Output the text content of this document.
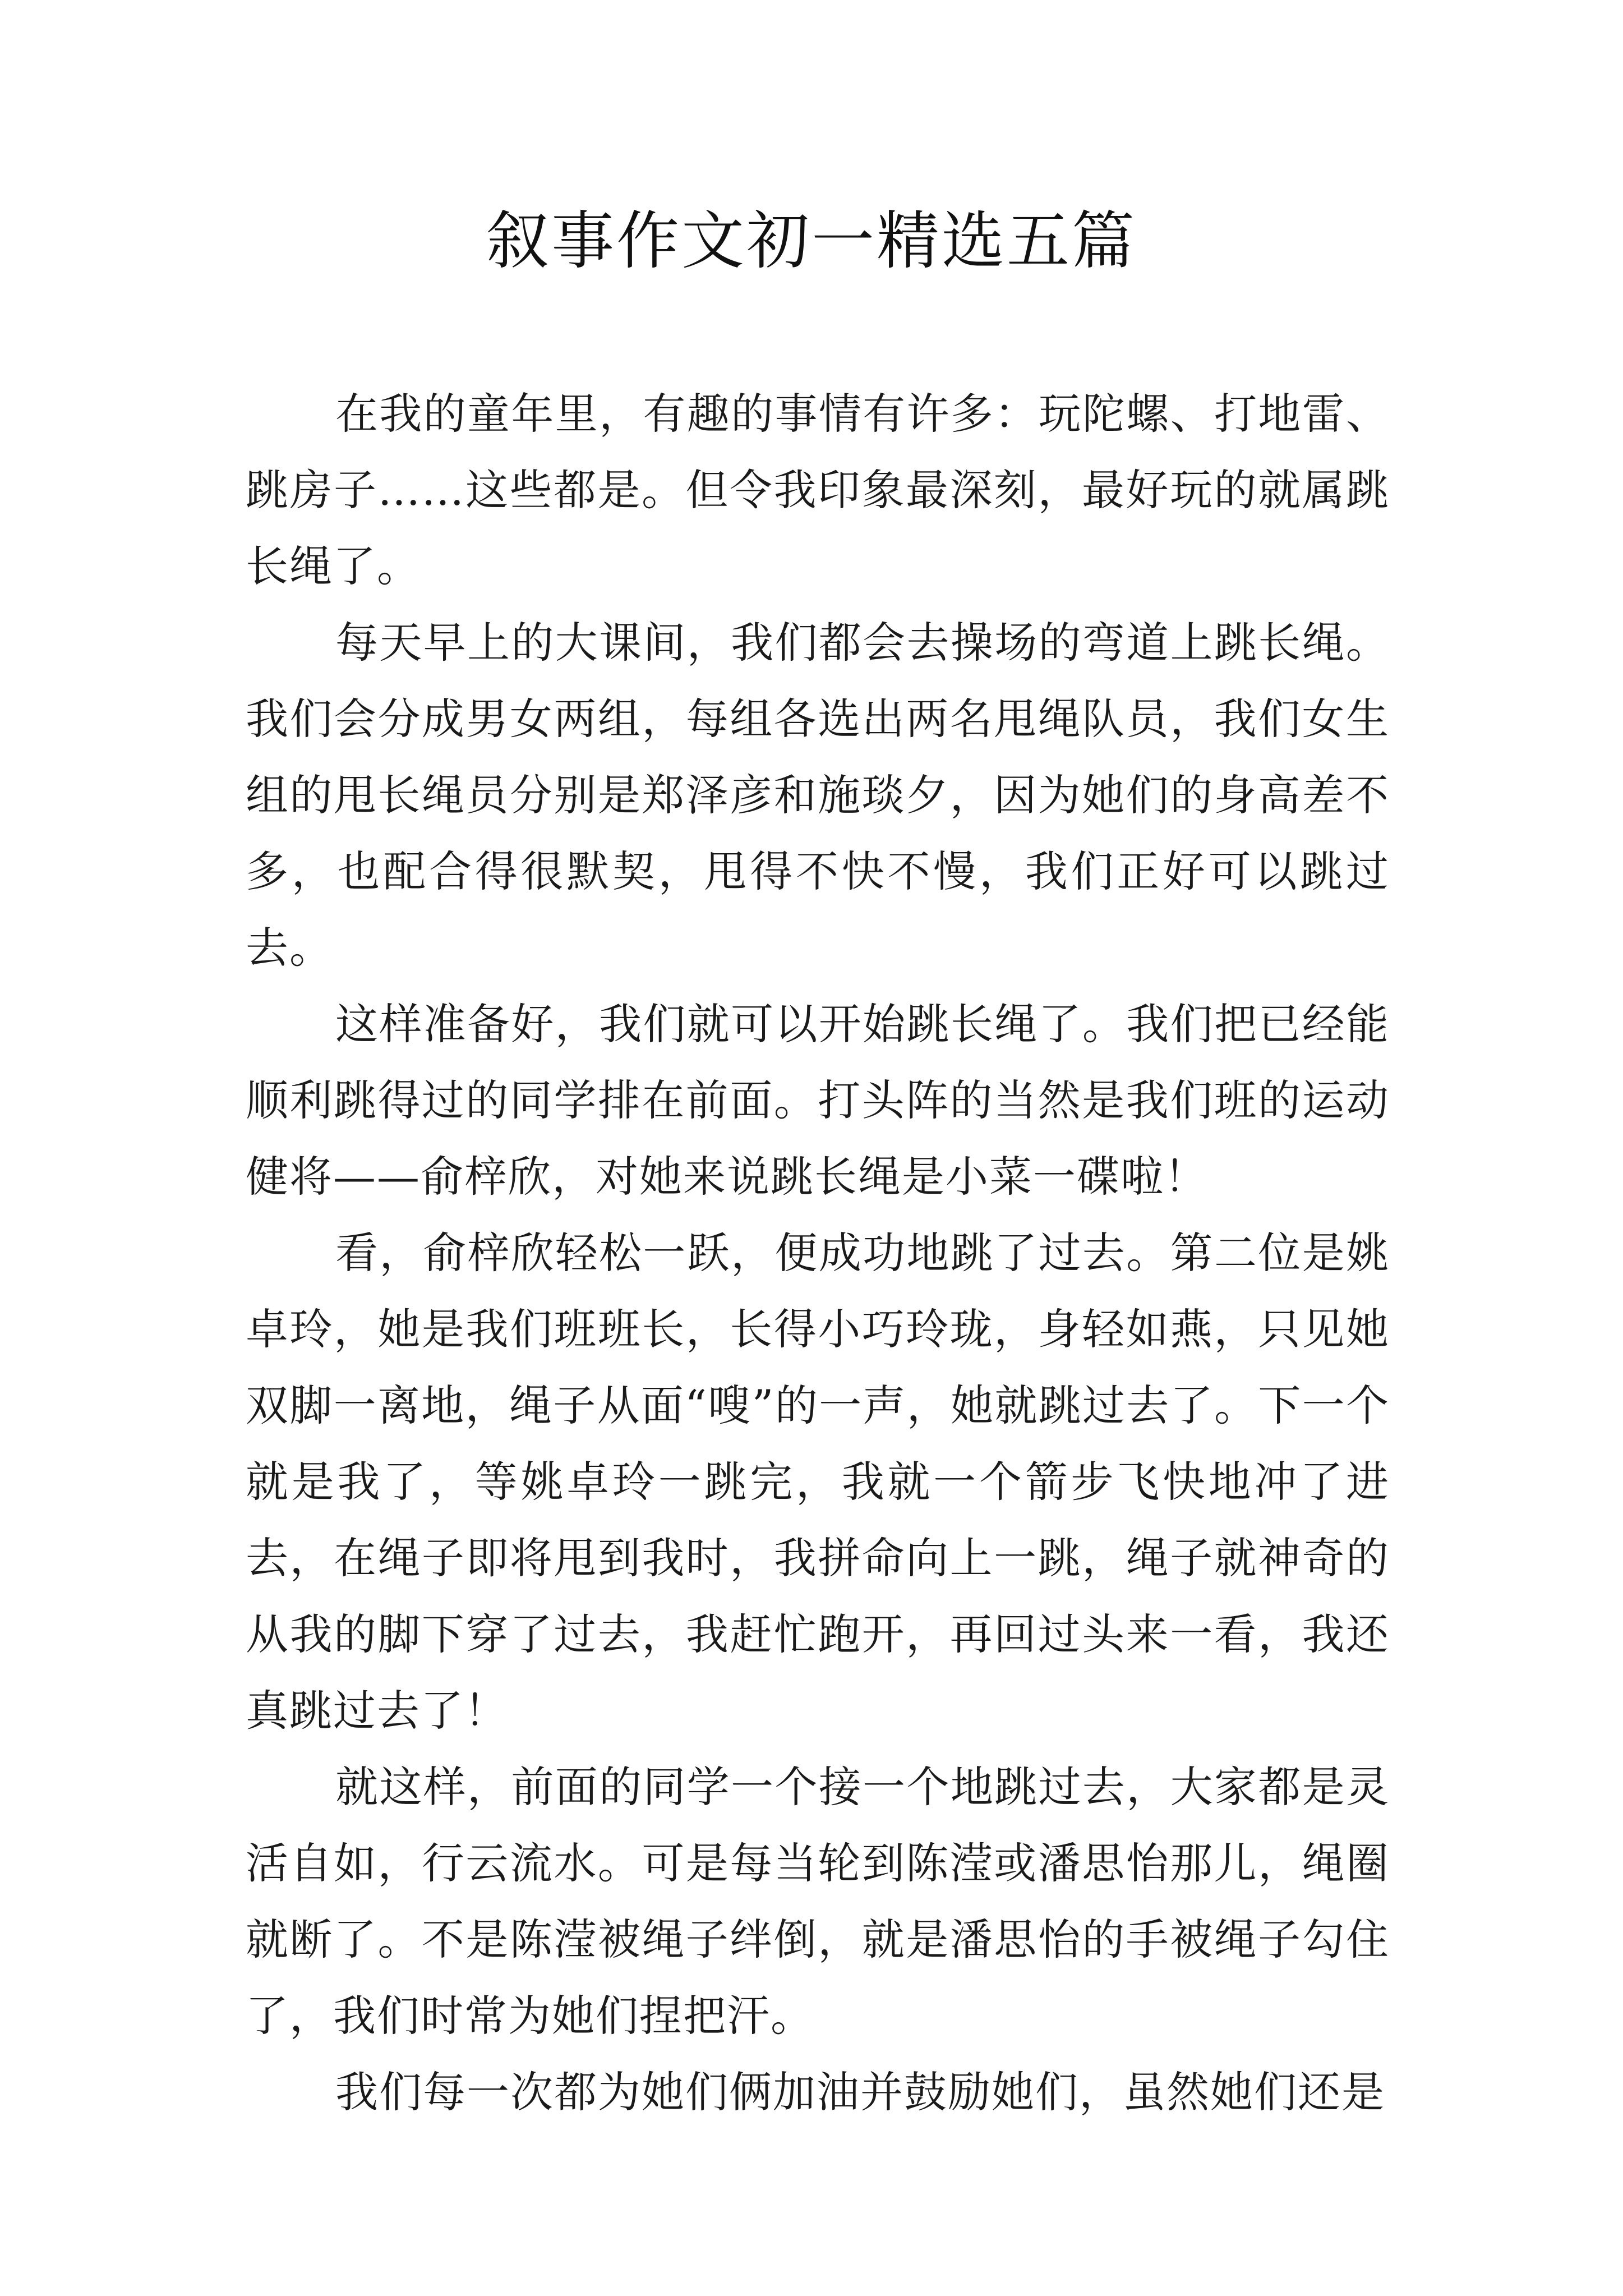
叙事作文初一精选五篇

在我的童年里，有趣的事情有许多：玩陀螺、打地雷、跳房子……这些都是。但令我印象最深刻，最好玩的就属跳长绳了。

每天早上的大课间，我们都会去操场的弯道上跳长绳。我们会分成男女两组，每组各选出两名甩绳队员，我们女生组的甩长绳员分别是郑泽彦和施琰夕，因为她们的身高差不多，也配合得很默契，甩得不快不慢，我们正好可以跳过去。

这样准备好，我们就可以开始跳长绳了。我们把已经能顺利跳得过的同学排在前面。打头阵的当然是我们班的运动健将——俞梓欣，对她来说跳长绳是小菜一碟啦！

看，俞梓欣轻松一跃，便成功地跳了过去。第二位是姚卓玲，她是我们班班长，长得小巧玲珑，身轻如燕，只见她双脚一离地，绳子从面“嗖”的一声，她就跳过去了。下一个就是我了，等姚卓玲一跳完，我就一个箭步飞快地冲了进去，在绳子即将甩到我时，我拼命向上一跳，绳子就神奇的从我的脚下穿了过去，我赶忙跑开，再回过头来一看，我还真跳过去了！

就这样，前面的同学一个接一个地跳过去，大家都是灵活自如，行云流水。可是每当轮到陈滢或潘思怡那儿，绳圈就断了。不是陈滢被绳子绊倒，就是潘思怡的手被绳子勾住了，我们时常为她们捏把汗。

我们每一次都为她们俩加油并鼓励她们，虽然她们还是
